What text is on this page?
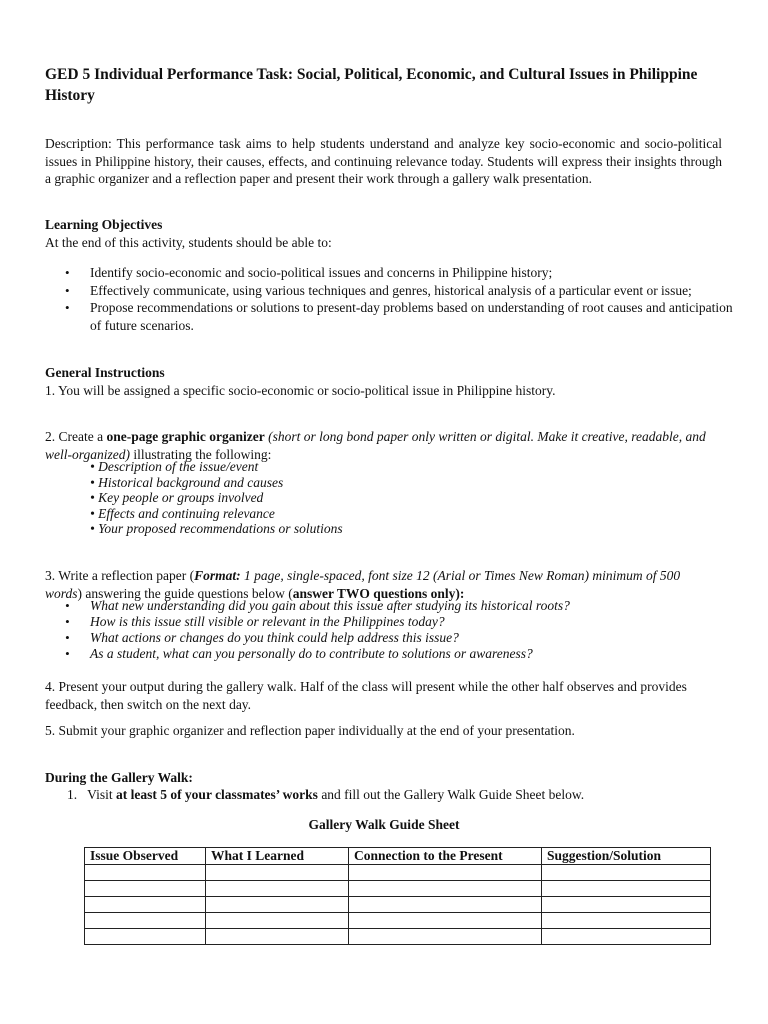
GED 5 Individual Performance Task: Social, Political, Economic, and Cultural Issues in Philippine History

Description: This performance task aims to help students understand and analyze key socio-economic and socio-political issues in Philippine history, their causes, effects, and continuing relevance today. Students will express their insights through a graphic organizer and a reflection paper and present their work through a gallery walk presentation.

Learning Objectives

At the end of this activity, students should be able to:

• Identify socio-economic and socio-political issues and concerns in Philippine history;
• Effectively communicate, using various techniques and genres, historical analysis of a particular event or issue;
• Propose recommendations or solutions to present-day problems based on understanding of root causes and anticipation of future scenarios.

General Instructions

1. You will be assigned a specific socio-economic or socio-political issue in Philippine history.

2. Create a one-page graphic organizer (short or long bond paper only written or digital. Make it creative, readable, and well-organized) illustrating the following:

• Description of the issue/event
• Historical background and causes
• Key people or groups involved
• Effects and continuing relevance
• Your proposed recommendations or solutions

3. Write a reflection paper (Format: 1 page, single-spaced, font size 12 (Arial or Times New Roman) minimum of 500 words) answering the guide questions below (answer TWO questions only):

• What new understanding did you gain about this issue after studying its historical roots?
• How is this issue still visible or relevant in the Philippines today?
• What actions or changes do you think could help address this issue?
• As a student, what can you personally do to contribute to solutions or awareness?

4. Present your output during the gallery walk. Half of the class will present while the other half observes and provides feedback, then switch on the next day.

5. Submit your graphic organizer and reflection paper individually at the end of your presentation.

During the Gallery Walk:

1. Visit at least 5 of your classmates’ works and fill out the Gallery Walk Guide Sheet below.

Gallery Walk Guide Sheet
Issue Observed	What I Learned	Connection to the Present	Suggestion/Solution
